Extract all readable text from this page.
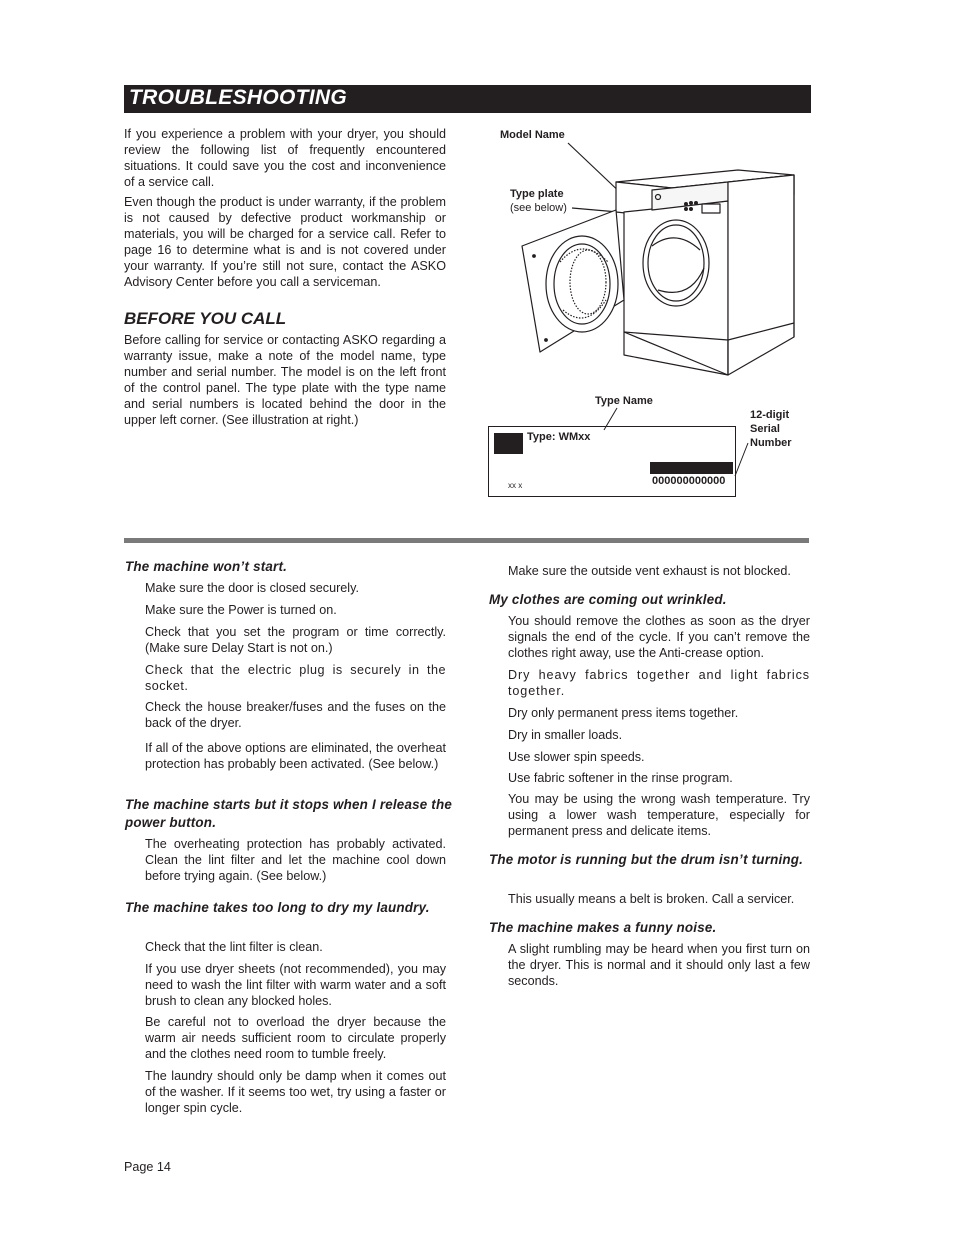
TROUBLESHOOTING

If you experience a problem with your dryer, you should review the following list of frequently encountered situations. It could save you the cost and inconvenience of a service call.

Even though the product is under warranty, if the problem is not caused by defective product workmanship or materials, you will be charged for a service call. Refer to page 16 to determine what is and is not covered under your warranty. If you’re still not sure, contact the ASKO Advisory Center before you call a serviceman.

BEFORE YOU CALL

Before calling for service or contacting ASKO regarding a warranty issue, make a note of the model name, type number and serial number. The model is on the left front of the control panel. The type plate with the type name and serial numbers is located behind the door in the upper left corner. (See illustration at right.)

Model Name
Type plate
(see below)
Type Name
12-digit
Serial
Number
Type: WMxx
000000000000
xx x
The machine won’t start.

Make sure the door is closed securely.

Make sure the Power is turned on.

Check that you set the program or time correctly. (Make sure Delay Start is not on.)

Check that the electric plug is securely in the socket.

Check the house breaker/fuses and the fuses on the back of the dryer.

If all of the above options are eliminated, the overheat protection has probably been activated. (See below.)

The machine starts but it stops when I release the power button.

The overheating protection has probably activated. Clean the lint filter and let the machine cool down before trying again. (See below.)

The machine takes too long to dry my laundry.

Check that the lint filter is clean.

If you use dryer sheets (not recommended), you may need to wash the lint filter with warm water and a soft brush to clean any blocked holes.

Be careful not to overload the dryer because the warm air needs sufficient room to circulate properly and the clothes need room to tumble freely.

The laundry should only be damp when it comes out of the washer. If it seems too wet, try using a faster or longer spin cycle.

Make sure the outside vent exhaust is not blocked.

My clothes are coming out wrinkled.

You should remove the clothes as soon as the dryer signals the end of the cycle. If you can’t remove the clothes right away, use the Anti-crease option.

Dry heavy fabrics together and light fabrics together.

Dry only permanent press items together.

Dry in smaller loads.

Use slower spin speeds.

Use fabric softener in the rinse program.

You may be using the wrong wash temperature. Try using a lower wash temperature, especially for permanent press and delicate items.

The motor is running but the drum isn’t turning.

This usually means a belt is broken. Call a servicer.

The machine makes a funny noise.

A slight rumbling may be heard when you first turn on the dryer. This is normal and it should only last a few seconds.

Page 14
